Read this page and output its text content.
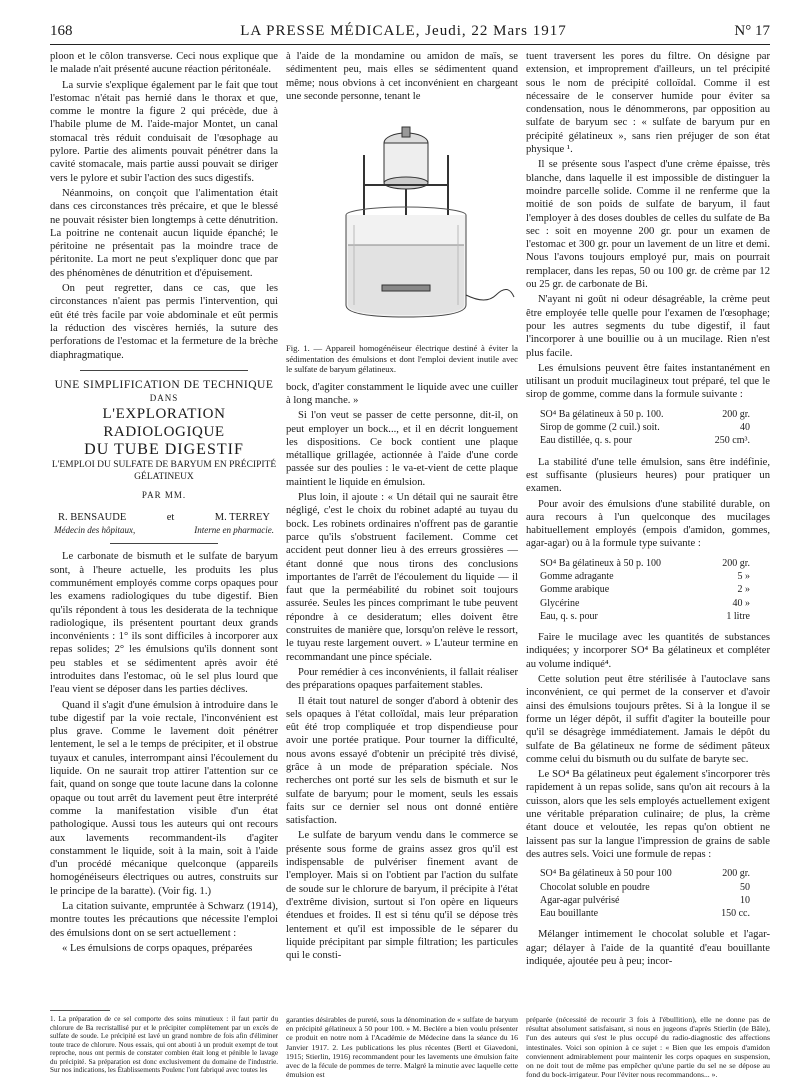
168	LA PRESSE MÉDICALE, Jeudi, 22 Mars 1917	N° 17

ploon et le côlon transverse. Ceci nous explique que le malade n'ait présenté aucune réaction péritonéale.

La survie s'explique également par le fait que tout l'estomac n'était pas hernié dans le thorax et que, comme le montre la figure 2 qui précède, due à l'habile plume de M. l'aide-major Montet, un canal stomacal très réduit conduisait de l'œsophage au pylore. Partie des aliments pouvait pénétrer dans la cavité stomacale, mais partie aussi pouvait se diriger vers le pylore et subir l'action des sucs digestifs.

Néanmoins, on conçoit que l'alimentation était dans ces circonstances très précaire, et que le blessé ne pouvait résister bien longtemps à cette dénutrition. La poitrine ne contenait aucun liquide épanché; le péritoine ne présentait pas la moindre trace de péritonite. La mort ne peut s'expliquer donc que par des phénomènes de dénutrition et d'épuisement.

On peut regretter, dans ce cas, que les circonstances n'aient pas permis l'intervention, qui eût été très facile par voie abdominale et eût permis la réduction des viscères herniés, la suture des perforations de l'estomac et la fermeture de la brèche diaphragmatique.

UNE SIMPLIFICATION DE TECHNIQUE
DANS
L'EXPLORATION RADIOLOGIQUE
DU TUBE DIGESTIF
L'EMPLOI DU SULFATE DE BARYUM EN PRÉCIPITÉ GÉLATINEUX
PAR MM.
R. BENSAUDE	et	M. TERREY
Médecin des hôpitaux,	Interne en pharmacie.

Le carbonate de bismuth et le sulfate de baryum sont, à l'heure actuelle, les produits les plus communément employés comme corps opaques pour les examens radiologiques du tube digestif. Bien qu'ils répondent à tous les desiderata de la technique radiologique, ils présentent pourtant deux grands inconvénients : 1° ils sont difficiles à incorporer aux repas solides; 2° les émulsions qu'ils donnent sont peu stables et se sédimentent après avoir été introduites dans l'estomac, où le sel plus lourd que l'eau vient se déposer dans les parties déclives.

Quand il s'agit d'une émulsion à introduire dans le tube digestif par la voie rectale, l'inconvénient est plus grave. Comme le lavement doit pénétrer lentement, le sel a le temps de précipiter, et il obstrue tuyaux et canules, interrompant ainsi l'écoulement du liquide. On ne saurait trop attirer l'attention sur ce fait, quand on songe que toute lacune dans la colonne opaque ou tout arrêt du lavement peut être interprété comme la manifestation visible d'un état pathologique. Aussi tous les auteurs qui ont recours aux lavements recommandent-ils d'agiter constamment le liquide, soit à la main, soit à l'aide d'un procédé mécanique quelconque (appareils homogénéiseurs électriques ou autres, construits sur le principe de la baratte). (Voir fig. 1.)

La citation suivante, empruntée à Schwarz (1914), montre toutes les précautions que nécessite l'emploi des émulsions dont on se sert actuellement :

« Les émulsions de corps opaques, préparées

à l'aide de la mondamine ou amidon de maïs, se sédimentent peu, mais elles se sédimentent quand même; nous obvions à cet inconvénient en chargeant une seconde personne, tenant le

Fig. 1. — Appareil homogénéiseur électrique destiné à éviter la sédimentation des émulsions et dont l'emploi devient inutile avec le sulfate de baryum gélatineux.

bock, d'agiter constamment le liquide avec une cuiller à long manche. »

Si l'on veut se passer de cette personne, dit-il, on peut employer un bock..., et il en décrit longuement les dispositions. Ce bock contient une plaque métallique grillagée, actionnée à l'aide d'une corde passée sur des poulies : le va-et-vient de cette plaque maintient le liquide en émulsion.

Plus loin, il ajoute : « Un détail qui ne saurait être négligé, c'est le choix du robinet adapté au tuyau du bock. Les robinets ordinaires n'offrent pas de garantie parce qu'ils s'obstruent facilement. Comme cet accident peut donner lieu à des erreurs grossières — étant donné que nous tirons des conclusions importantes de l'arrêt de l'écoulement du liquide — il faut que la perméabilité du robinet soit toujours assurée. Seules les pinces comprimant le tube peuvent répondre à ce desideratum; elles doivent être construites de manière que, lorsqu'on relève le ressort, le tuyau reste largement ouvert. » L'auteur termine en recommandant une pince spéciale.

Pour remédier à ces inconvénients, il fallait réaliser des préparations opaques parfaitement stables.

Il était tout naturel de songer d'abord à obtenir des sels opaques à l'état colloïdal, mais leur préparation eût été trop compliquée et trop dispendieuse pour avoir une portée pratique. Pour tourner la difficulté, nous avons essayé d'obtenir un précipité très divisé, grâce à un mode de préparation spéciale. Nos recherches ont porté sur les sels de bismuth et sur le sulfate de baryum; pour le moment, seuls les essais faits sur ce dernier sel nous ont donné entière satisfaction.

Le sulfate de baryum vendu dans le commerce se présente sous forme de grains assez gros qu'il est indispensable de pulvériser finement avant de l'employer. Mais si on l'obtient par l'action du sulfate de soude sur le chlorure de baryum, il précipite à l'état d'extrême division, surtout si l'on opère en liqueurs étendues et froides. Il est si ténu qu'il se dépose très lentement et qu'il est impossible de le séparer du liquide précipitant par simple filtration; les particules qui le consti-

tuent traversent les pores du filtre. On désigne par extension, et improprement d'ailleurs, un tel précipité sous le nom de précipité colloïdal. Comme il est nécessaire de le conserver humide pour éviter sa condensation, nous le dénommerons, par opposition au sulfate de baryum sec : « sulfate de baryum pur en précipité gélatineux », sans rien préjuger de son état physique ¹.

Il se présente sous l'aspect d'une crème épaisse, très blanche, dans laquelle il est impossible de distinguer la moindre parcelle solide. Comme il ne renferme que la moitié de son poids de sulfate de baryum, il faut l'employer à des doses doubles de celles du sulfate de Ba sec : soit en moyenne 200 gr. pour un examen de l'estomac et 300 gr. pour un lavement de un litre et demi. Nous l'avons toujours employé pur, mais on pourrait remplacer, dans les repas, 50 ou 100 gr. de crème par 12 ou 25 gr. de carbonate de Bi.

N'ayant ni goût ni odeur désagréable, la crème peut être employée telle quelle pour l'examen de l'œsophage; pour les autres segments du tube digestif, il faut l'incorporer à une bouillie ou à un mucilage. Rien n'est plus facile.

Les émulsions peuvent être faites instantanément en utilisant un produit mucilagineux tout préparé, tel que le sirop de gomme, comme dans la formule suivante :

SO⁴ Ba gélatineux à 50 p. 100.	200 gr.
Sirop de gomme (2 cuil.) soit.	40
Eau distillée, q. s. pour	250 cm³.

La stabilité d'une telle émulsion, sans être indéfinie, est suffisante (plusieurs heures) pour pratiquer un examen.

Pour avoir des émulsions d'une stabilité durable, on aura recours à l'un quelconque des mucilages habituellement employés (empois d'amidon, gommes, agar-agar) ou à la formule type suivante :

SO⁴ Ba gélatineux à 50 p. 100	200 gr.
Gomme adragante	5 »
Gomme arabique	2 »
Glycérine	40 »
Eau, q. s. pour	1 litre

Faire le mucilage avec les quantités de substances indiquées; y incorporer SO⁴ Ba gélatineux et compléter au volume indiqué⁴.

Cette solution peut être stérilisée à l'autoclave sans inconvénient, ce qui permet de la conserver et d'avoir ainsi des émulsions toujours prêtes. Si à la longue il se forme un léger dépôt, il suffit d'agiter la bouteille pour qu'il se désagrège immédiatement. Jamais le dépôt du sulfate de Ba gélatineux ne forme de sédiment pâteux comme celui du bismuth ou du sulfate de baryte sec.

Le SO⁴ Ba gélatineux peut également s'incorporer très rapidement à un repas solide, sans qu'on ait recours à la cuisson, alors que les sels employés actuellement exigent une véritable préparation culinaire; de plus, la crème étant douce et veloutée, les repas qu'on obtient ne laissent pas sur la langue l'impression de grains de sable des autres sels. Voici une formule de repas :

SO⁴ Ba gélatineux à 50 pour 100	200 gr.
Chocolat soluble en poudre	50
Agar-agar pulvérisé	10
Eau bouillante	150 cc.

Mélanger intimement le chocolat soluble et l'agar-agar; délayer à l'aide de la quantité d'eau bouillante indiquée, ajoutée peu à peu; incor-

1. La préparation de ce sel comporte des soins minutieux : il faut partir du chlorure de Ba recristallisé pur et le précipiter complètement par un excès de sulfate de soude. Le précipité est lavé un grand nombre de fois afin d'éliminer toute trace de chlorure. Nous essais, qui ont abouti à un produit exempt de tout reproche, nous ont permis de constater combien était long et pénible le lavage du précipité. Sa préparation est donc exclusivement du domaine de l'industrie. Sur nos indications, les Établissements Poulenc l'ont fabriqué avec toutes les
garanties désirables de pureté, sous la dénomination de « sulfate de baryum en précipité gélatineux à 50 pour 100. » M. Beclère a bien voulu présenter ce produit en notre nom à l'Académie de Médecine dans la séance du 16 Janvier 1917. 2. Les publications les plus récentes (Bertl et Giavedoni, 1915; Stierlin, 1916) recommandent pour les lavements une émulsion faite avec de la fécule de pommes de terre. Malgré la minutie avec laquelle cette émulsion est
préparée (nécessité de recourir 3 fois à l'ébullition), elle ne donne pas de résultat absolument satisfaisant, si nous en jugeons d'après Stierlin (de Bâle), l'un des auteurs qui s'est le plus occupé du radio-diagnostic des affections intestinales. Voici son opinion à ce sujet : « Bien que les empois d'amidon conviennent admirablement pour maintenir les corps opaques en suspension, on ne doit tout de même pas empêcher qu'une partie du sel ne se dépose au fond du bock-irrigateur. Pour l'éviter nous recommandons... ».
